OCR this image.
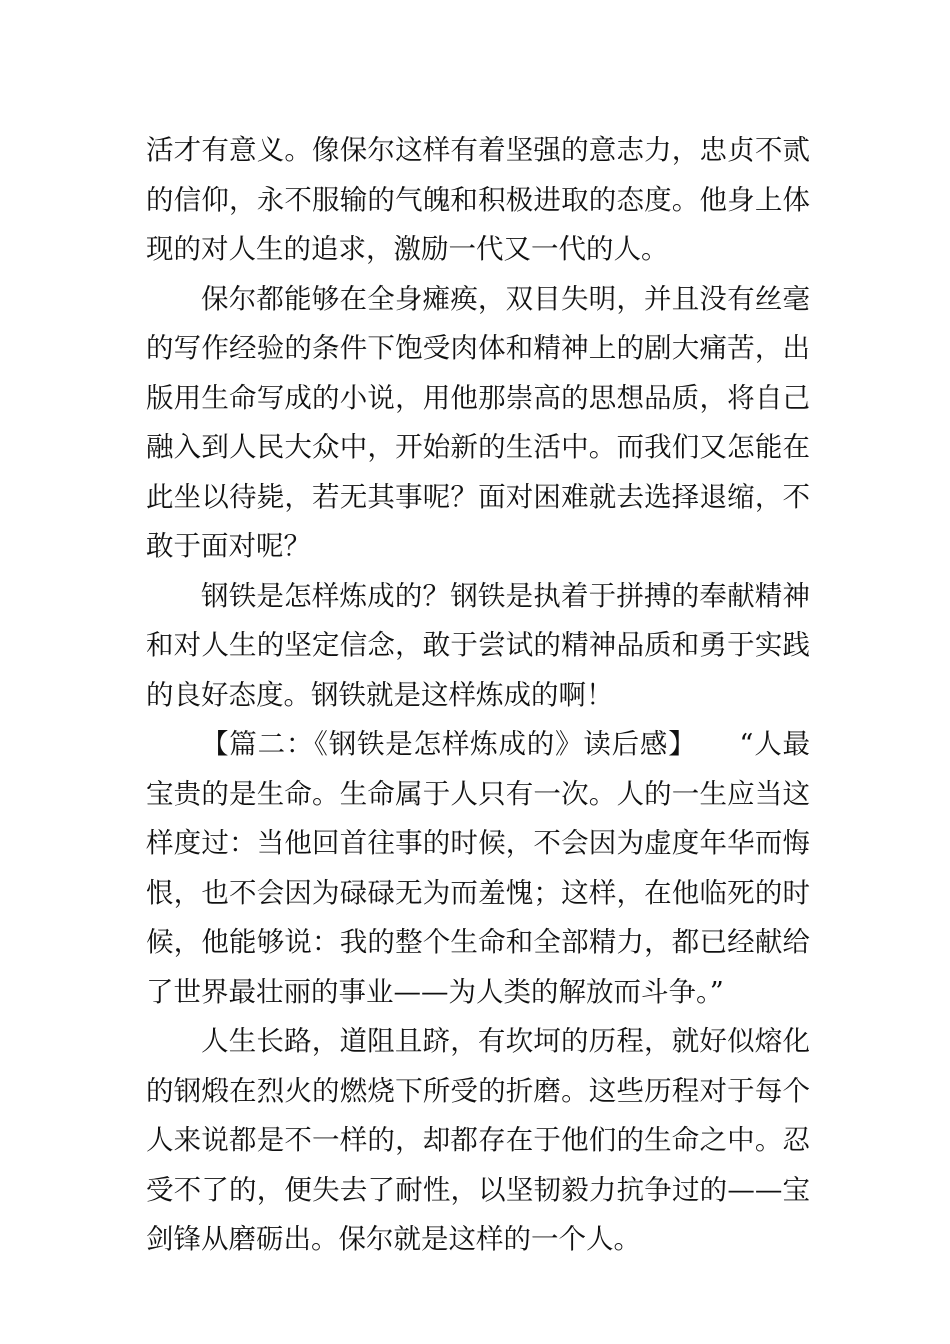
活才有意义。像保尔这样有着坚强的意志力，忠贞不贰的信仰，永不服输的气魄和积极进取的态度。他身上体现的对人生的追求，激励一代又一代的人。

保尔都能够在全身瘫痪，双目失明，并且没有丝毫的写作经验的条件下饱受肉体和精神上的剧大痛苦，出版用生命写成的小说，用他那崇高的思想品质，将自己融入到人民大众中，开始新的生活中。而我们又怎能在此坐以待毙，若无其事呢？面对困难就去选择退缩，不敢于面对呢？

钢铁是怎样炼成的？钢铁是执着于拼搏的奉献精神和对人生的坚定信念，敢于尝试的精神品质和勇于实践的良好态度。钢铁就是这样炼成的啊！

【篇二：《钢铁是怎样炼成的》读后感】　　“人最宝贵的是生命。生命属于人只有一次。人的一生应当这样度过：当他回首往事的时候，不会因为虚度年华而悔恨，也不会因为碌碌无为而羞愧；这样，在他临死的时候，他能够说：我的整个生命和全部精力，都已经献给了世界最壮丽的事业——为人类的解放而斗争。”

人生长路，道阻且跻，有坎坷的历程，就好似熔化的钢煅在烈火的燃烧下所受的折磨。这些历程对于每个人来说都是不一样的，却都存在于他们的生命之中。忍受不了的，便失去了耐性，以坚韧毅力抗争过的——宝剑锋从磨砺出。保尔就是这样的一个人。
